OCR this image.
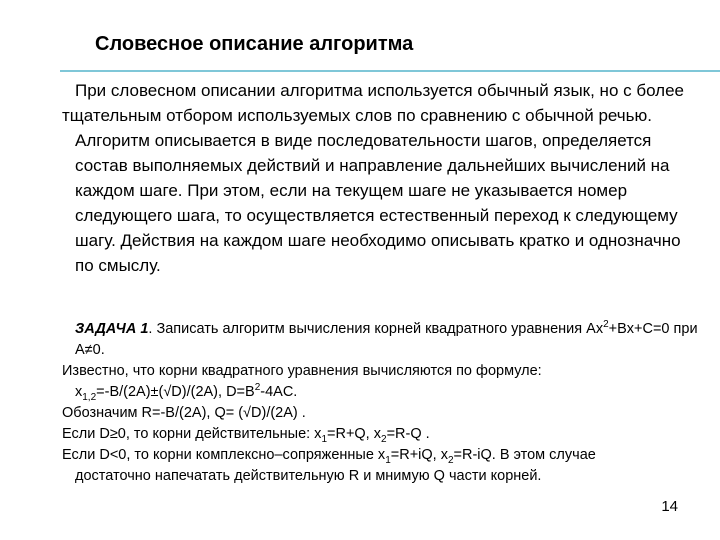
Словесное описание алгоритма
При словесном описании алгоритма используется обычный язык, но с более тщательным отбором используемых слов по сравнению с обычной речью.
Алгоритм описывается в виде последовательности шагов, определяется состав выполняемых действий и направление дальнейших вычислений на каждом шаге. При этом, если на текущем шаге не указывается номер следующего шага, то осуществляется естественный переход к следующему шагу. Действия на каждом шаге необходимо описывать кратко и однозначно по смыслу.
ЗАДАЧА 1. Записать алгоритм вычисления корней квадратного уравнения $Ax^2+Bx+C=0$ при A≠0.
Известно, что корни квадратного уравнения вычисляются по формуле:
$x_{1,2}=-B/(2A)\pm(√D)/(2A)$, $D=B^2-4AC$.
Обозначим R=-B/(2A), Q= (√D)/(2A) .
Если D≥0, то корни действительные: $x_1=R+Q$, $x_2=R-Q$ .
Если D<0, то корни комплексно–сопряженные $x_1=R+iQ$, $x_2=R-iQ$. В этом случае достаточно напечатать действительную R и мнимую Q части корней.
14
